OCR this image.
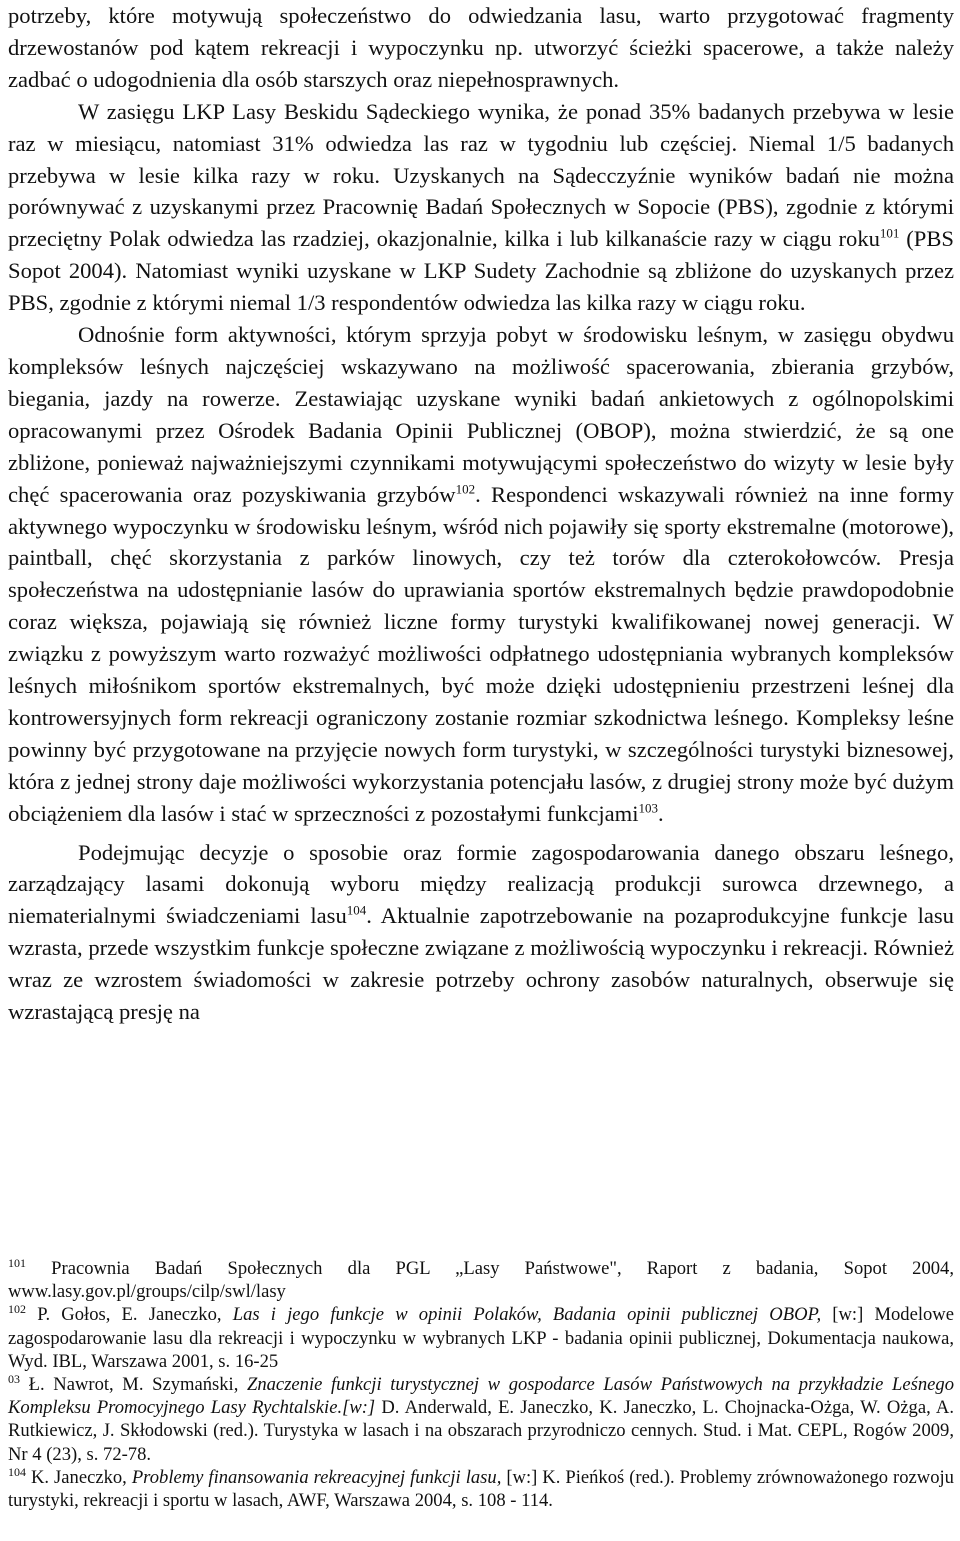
potrzeby, które motywują społeczeństwo do odwiedzania lasu, warto przygotować fragmenty drzewostanów pod kątem rekreacji i wypoczynku np. utworzyć ścieżki spacerowe, a także należy zadbać o udogodnienia dla osób starszych oraz niepełnosprawnych.

W zasięgu LKP Lasy Beskidu Sądeckiego wynika, że ponad 35% badanych przebywa w lesie raz w miesiącu, natomiast 31% odwiedza las raz w tygodniu lub częściej. Niemal 1/5 badanych przebywa w lesie kilka razy w roku. Uzyskanych na Sądecczyźnie wyników badań nie można porównywać z uzyskanymi przez Pracownię Badań Społecznych w Sopocie (PBS), zgodnie z którymi przeciętny Polak odwiedza las rzadziej, okazjonalnie, kilka i lub kilkanaście razy w ciągu roku$^{101}$ (PBS Sopot 2004). Natomiast wyniki uzyskane w LKP Sudety Zachodnie są zbliżone do uzyskanych przez PBS, zgodnie z którymi niemal 1/3 respondentów odwiedza las kilka razy w ciągu roku.

Odnośnie form aktywności, którym sprzyja pobyt w środowisku leśnym, w zasięgu obydwu kompleksów leśnych najczęściej wskazywano na możliwość spacerowania, zbierania grzybów, biegania, jazdy na rowerze. Zestawiając uzyskane wyniki badań ankietowych z ogólnopolskimi opracowanymi przez Ośrodek Badania Opinii Publicznej (OBOP), można stwierdzić, że są one zbliżone, ponieważ najważniejszymi czynnikami motywującymi społeczeństwo do wizyty w lesie były chęć spacerowania oraz pozyskiwania grzybów$^{102}$. Respondenci wskazywali również na inne formy aktywnego wypoczynku w środowisku leśnym, wśród nich pojawiły się sporty ekstremalne (motorowe), paintball, chęć skorzystania z parków linowych, czy też torów dla czterokołowców. Presja społeczeństwa na udostępnianie lasów do uprawiania sportów ekstremalnych będzie prawdopodobnie coraz większa, pojawiają się również liczne formy turystyki kwalifikowanej nowej generacji. W związku z powyższym warto rozważyć możliwości odpłatnego udostępniania wybranych kompleksów leśnych miłośnikom sportów ekstremalnych, być może dzięki udostępnieniu przestrzeni leśnej dla kontrowersyjnych form rekreacji ograniczony zostanie rozmiar szkodnictwa leśnego. Kompleksy leśne powinny być przygotowane na przyjęcie nowych form turystyki, w szczególności turystyki biznesowej, która z jednej strony daje możliwości wykorzystania potencjału lasów, z drugiej strony może być dużym obciążeniem dla lasów i stać w sprzeczności z pozostałymi funkcjami$^{103}$.

Podejmując decyzje o sposobie oraz formie zagospodarowania danego obszaru leśnego, zarządzający lasami dokonują wyboru między realizacją produkcji surowca drzewnego, a niematerialnymi świadczeniami lasu$^{104}$. Aktualnie zapotrzebowanie na pozaprodukcyjne funkcje lasu wzrasta, przede wszystkim funkcje społeczne związane z możliwością wypoczynku i rekreacji. Również wraz ze wzrostem świadomości w zakresie potrzeby ochrony zasobów naturalnych, obserwuje się wzrastającą presję na

$^{101}$ Pracownia Badań Społecznych dla PGL „Lasy Państwowe", Raport z badania, Sopot 2004, www.lasy.gov.pl/groups/cilp/swl/lasy

$^{102}$ P. Gołos, E. Janeczko, Las i jego funkcje w opinii Polaków, Badania opinii publicznej OBOP, [w:] Modelowe zagospodarowanie lasu dla rekreacji i wypoczynku w wybranych LKP - badania opinii publicznej, Dokumentacja naukowa, Wyd. IBL, Warszawa 2001, s. 16-25

$^{03}$ Ł. Nawrot, M. Szymański, Znaczenie funkcji turystycznej w gospodarce Lasów Państwowych na przykładzie Leśnego Kompleksu Promocyjnego Lasy Rychtalskie.[w:] D. Anderwald, E. Janeczko, K. Janeczko, L. Chojnacka-Ożga, W. Ożga, A. Rutkiewicz, J. Skłodowski (red.). Turystyka w lasach i na obszarach przyrodniczo cennych. Stud. i Mat. CEPL, Rogów 2009, Nr 4 (23), s. 72-78.

$^{104}$ K. Janeczko, Problemy finansowania rekreacyjnej funkcji lasu, [w:] K. Pieńkoś (red.). Problemy zrównoważonego rozwoju turystyki, rekreacji i sportu w lasach, AWF, Warszawa 2004, s. 108 - 114.
